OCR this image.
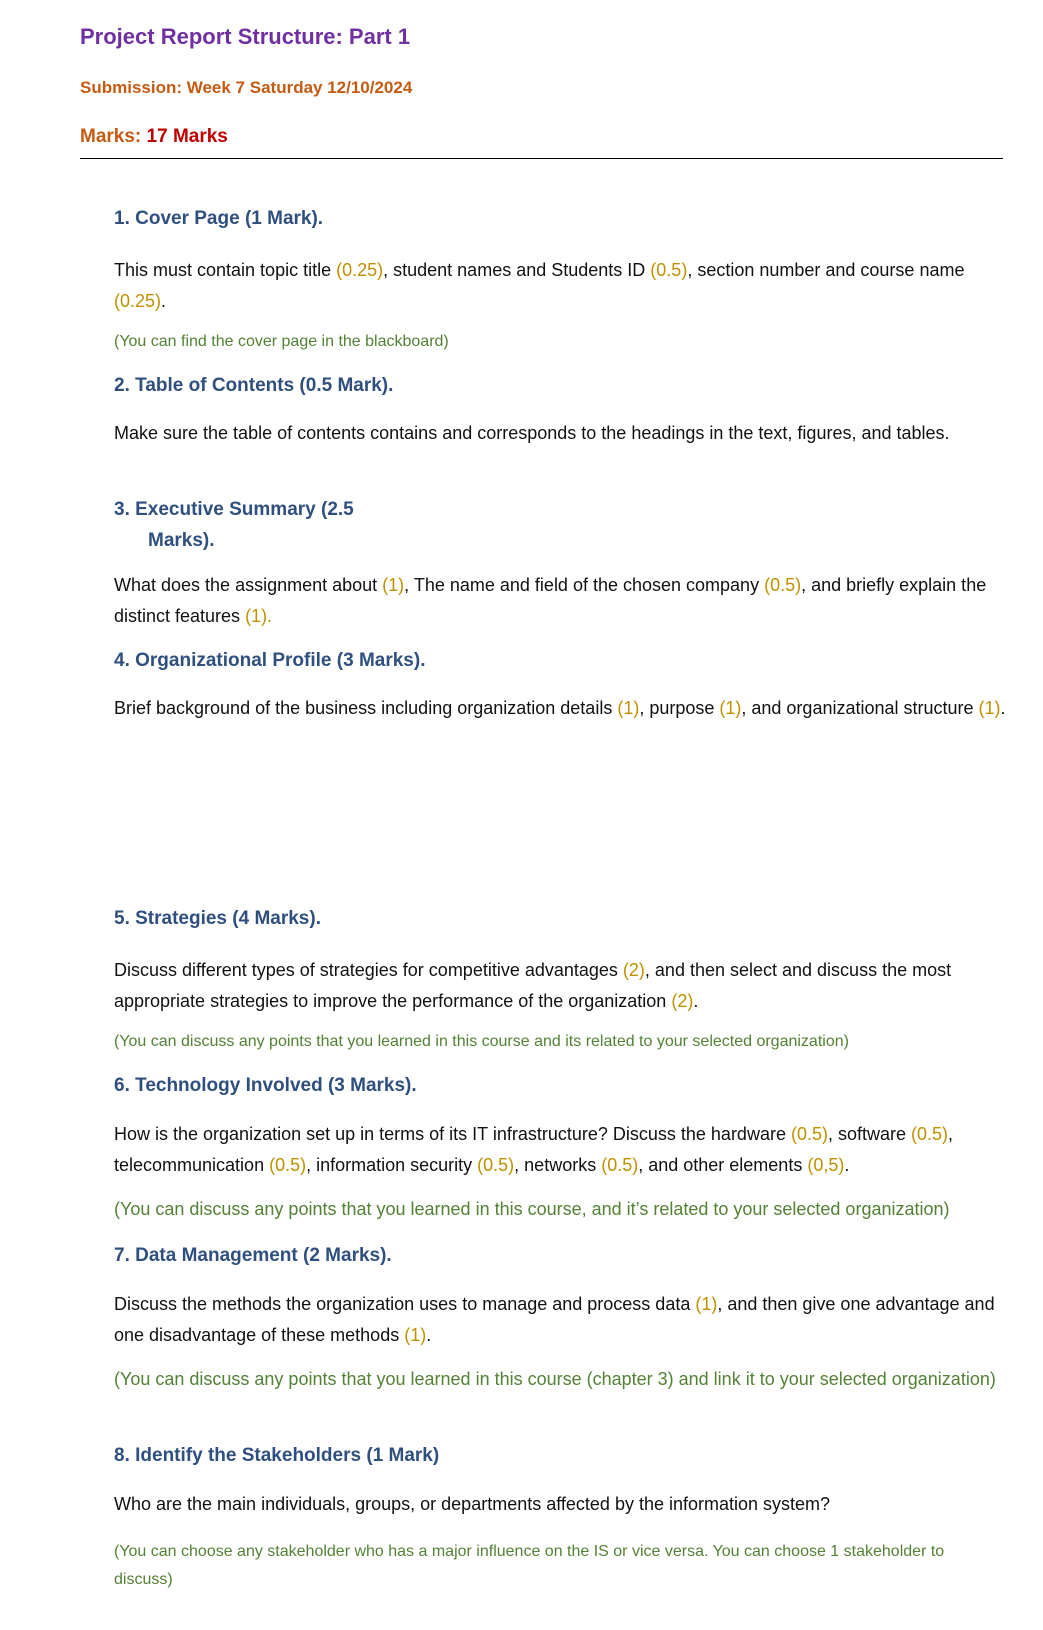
Project Report Structure: Part 1
Submission: Week 7 Saturday 12/10/2024
Marks: 17 Marks
1. Cover Page (1 Mark).
This must contain topic title (0.25), student names and Students ID (0.5), section number and course name (0.25).
(You can find the cover page in the blackboard)
2. Table of Contents (0.5 Mark).
Make sure the table of contents contains and corresponds to the headings in the text, figures, and tables.
3. Executive Summary (2.5
Marks).
What does the assignment about (1), The name and field of the chosen company (0.5), and briefly explain the distinct features (1).
4. Organizational Profile (3 Marks).
Brief background of the business including organization details (1), purpose (1), and organizational structure (1).
5. Strategies (4 Marks).
Discuss different types of strategies for competitive advantages (2), and then select and discuss the most appropriate strategies to improve the performance of the organization (2).
(You can discuss any points that you learned in this course and its related to your selected organization)
6. Technology Involved (3 Marks).
How is the organization set up in terms of its IT infrastructure? Discuss the hardware (0.5), software (0.5), telecommunication (0.5), information security (0.5), networks (0.5), and other elements (0,5).
(You can discuss any points that you learned in this course, and it’s related to your selected organization)
7. Data Management (2 Marks).
Discuss the methods the organization uses to manage and process data (1), and then give one advantage and one disadvantage of these methods (1).
(You can discuss any points that you learned in this course (chapter 3) and link it to your selected organization)
8. Identify the Stakeholders (1 Mark)
Who are the main individuals, groups, or departments affected by the information system?
(You can choose any stakeholder who has a major influence on the IS or vice versa. You can choose 1 stakeholder to discuss)
